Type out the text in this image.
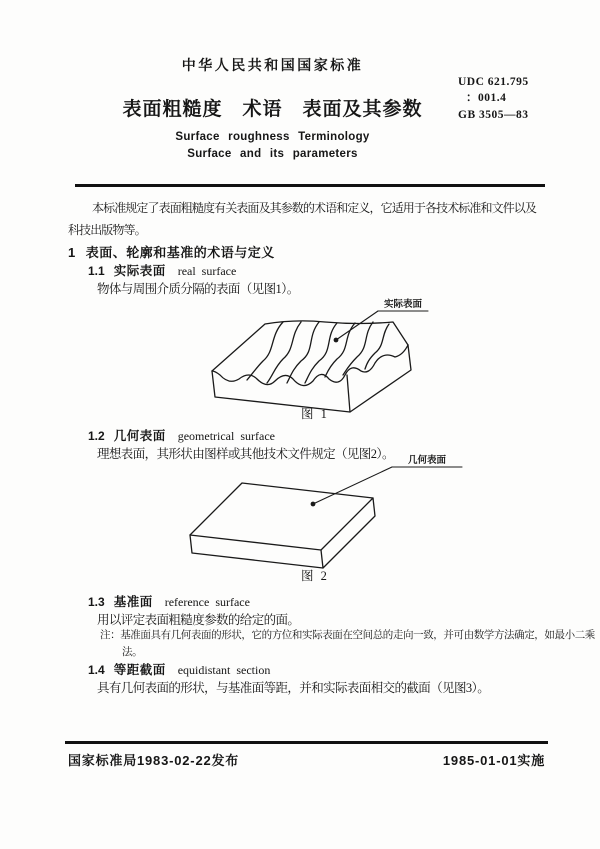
中华人民共和国国家标准
UDC 621.795
：001.4
表面粗糙度　术语　表面及其参数	GB 3505—83
Surface roughness Terminology
Surface and its parameters
本标准规定了表面粗糙度有关表面及其参数的术语和定义，它适用于各技术标准和文件以及科技出版物等。
1 表面、轮廓和基准的术语与定义
1.1 实际表面 real surface
物体与周围介质分隔的表面（见图1）。
实际表面
图 1
1.2 几何表面 geometrical surface
理想表面，其形状由图样或其他技术文件规定（见图2）。 几何表面
图 2
1.3 基准面 reference surface
用以评定表面粗糙度参数的给定的面。
注：基准面具有几何表面的形状，它的方位和实际表面在空间总的走向一致，并可由数学方法确定，如最小二乘法。
1.4 等距截面 equidistant section
具有几何表面的形状，与基准面等距，并和实际表面相交的截面（见图3）。
国家标准局1983-02-22发布	1985-01-01实施
